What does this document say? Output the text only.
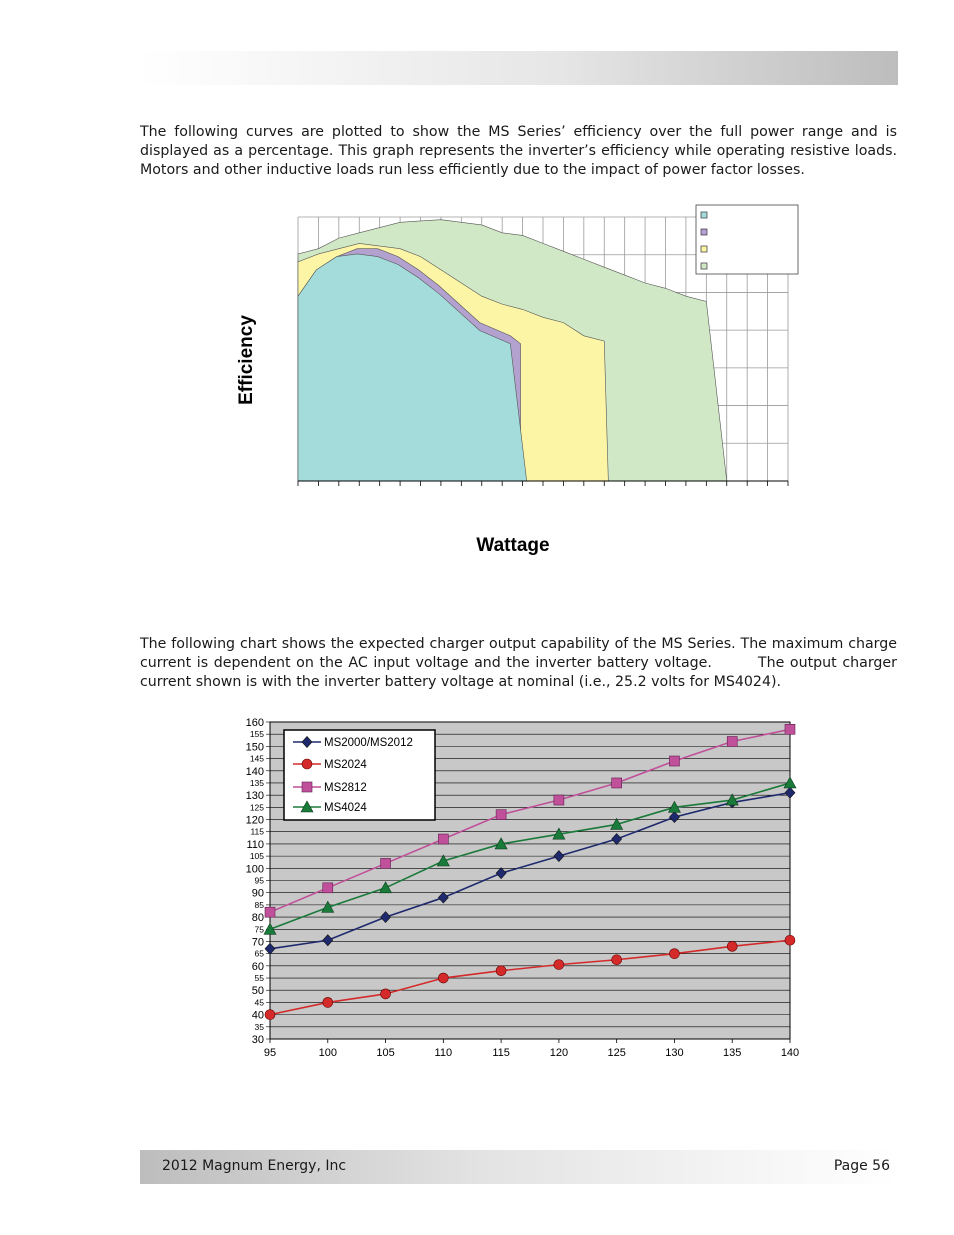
The following curves are plotted to show the MS Series’ efficiency over the full power range and is displayed as a percentage. This graph represents the inverter’s efficiency while operating resistive loads. Motors and other inductive loads run less efficiently due to the impact of power factor losses.

Efficiency
Wattage

The following chart shows the expected charger output capability of the MS Series. The maximum charge current is dependent on the AC input voltage and the inverter battery voltage.	The output charger current shown is with the inverter battery voltage at nominal (i.e., 25.2 volts for MS4024).

30
40
50
60
70
80
90
100
110
120
130
140
150
160
35
45
55
65
75
85
95
105
115
125
135
145
155
95	100	105	110	115	120	125	130	135	140
MS2000/MS2012
MS2024
MS2812
MS4024
2012 Magnum Energy, Inc	Page 56
